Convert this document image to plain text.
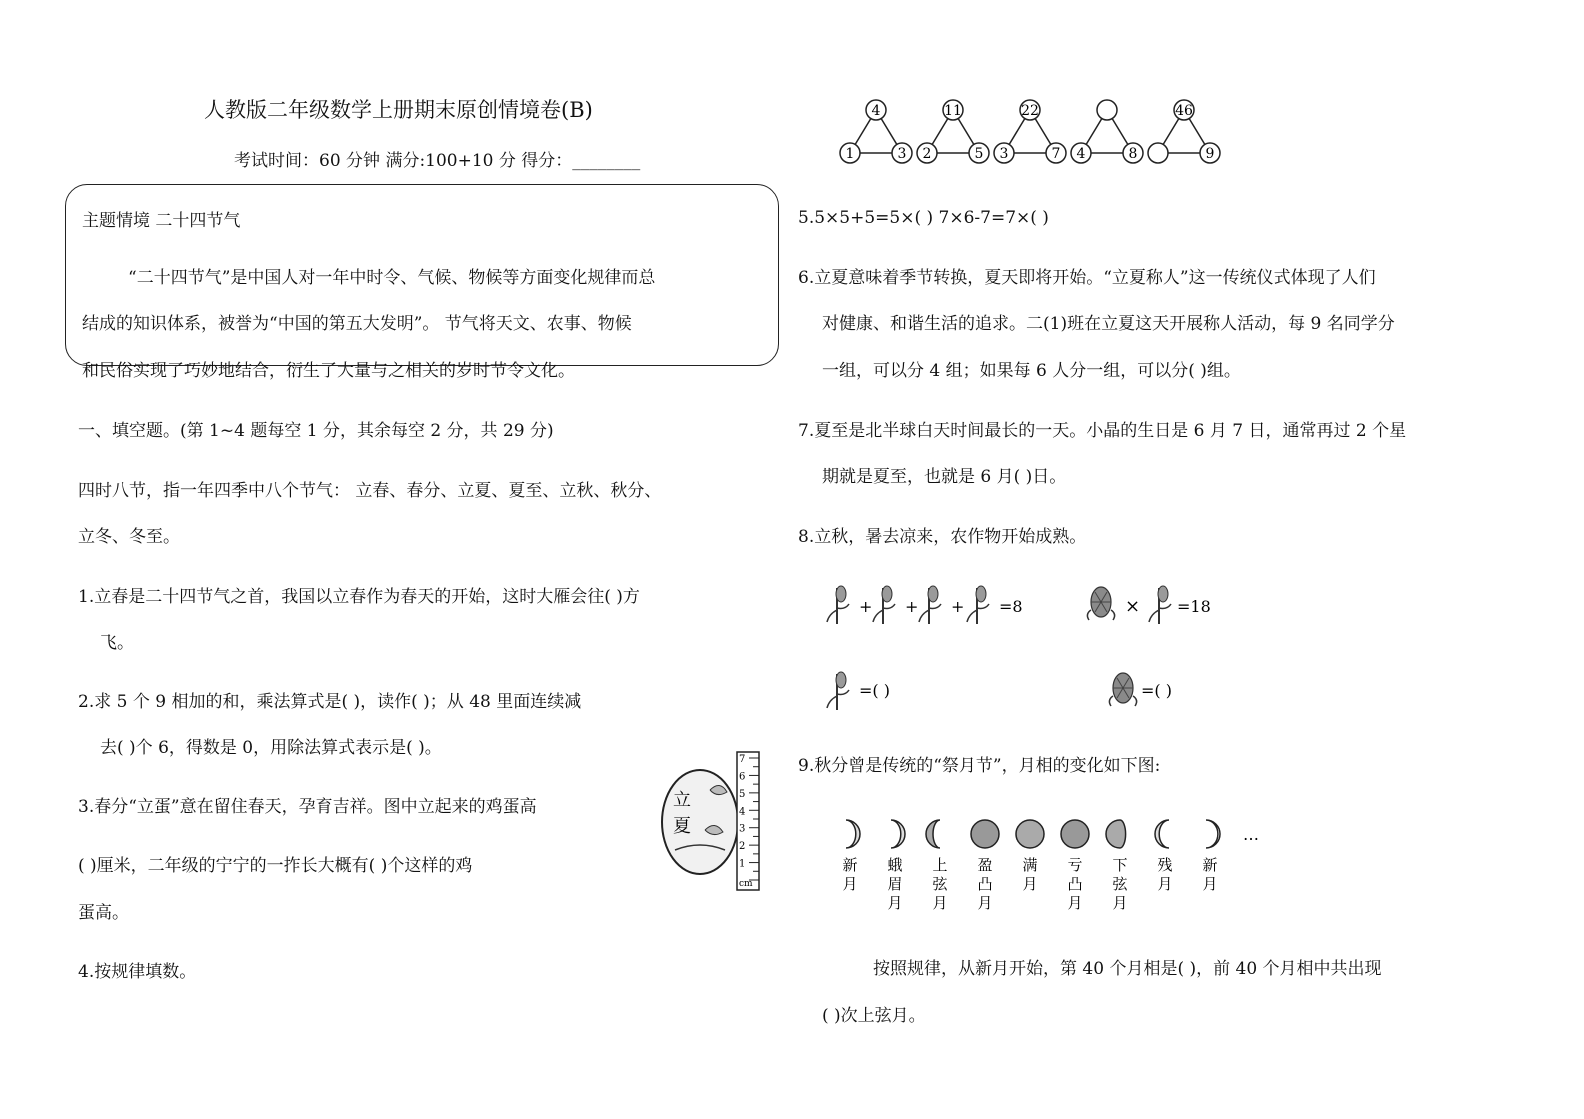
人教版二年级数学上册期末原创情境卷(B)
考试时间：60 分钟 满分:100+10 分 得分：________
主题情境 二十四节气
“二十四节气”是中国人对一年中时令、气候、物候等方面变化规律而总
结成的知识体系，被誉为“中国的第五大发明”。 节气将天文、农事、物候
和民俗实现了巧妙地结合，衍生了大量与之相关的岁时节令文化。
一、填空题。(第 1~4 题每空 1 分，其余每空 2 分，共 29 分)
四时八节，指一年四季中八个节气： 立春、春分、立夏、夏至、立秋、秋分、
立冬、冬至。
1.立春是二十四节气之首，我国以立春作为春天的开始，这时大雁会往( )方
飞。
2.求 5 个 9 相加的和，乘法算式是( )，读作( )；从 48 里面连续减
去( )个 6，得数是 0，用除法算式表示是( )。
3.春分“立蛋”意在留住春天，孕育吉祥。图中立起来的鸡蛋高
( )厘米，二年级的宁宁的一拃长大概有( )个这样的鸡
蛋高。
4.按规律填数。
立 夏
1
2
3
4
5
6
7
cm
4
1	3
11
2	5
22
3	7 4	8
46
9
5.5×5+5=5×( ) 7×6-7=7×( )
6.立夏意味着季节转换，夏天即将开始。“立夏称人”这一传统仪式体现了人们
对健康、和谐生活的追求。二(1)班在立夏这天开展称人活动，每 9 名同学分
一组，可以分 4 组；如果每 6 人分一组，可以分( )组。
7.夏至是北半球白天时间最长的一天。小晶的生日是 6 月 7 日，通常再过 2 个星
期就是夏至，也就是 6 月( )日。
8.立秋，暑去凉来，农作物开始成熟。
+ + + =8	× =18
=( )	=( )
9.秋分曾是传统的“祭月节”，月相的变化如下图:
新
月
蛾
眉
月
上
弦
月
盈
凸
月
满
月
亏
凸
月
下
弦
月
残
月
新
月
…
按照规律，从新月开始，第 40 个月相是( )，前 40 个月相中共出现
( )次上弦月。
